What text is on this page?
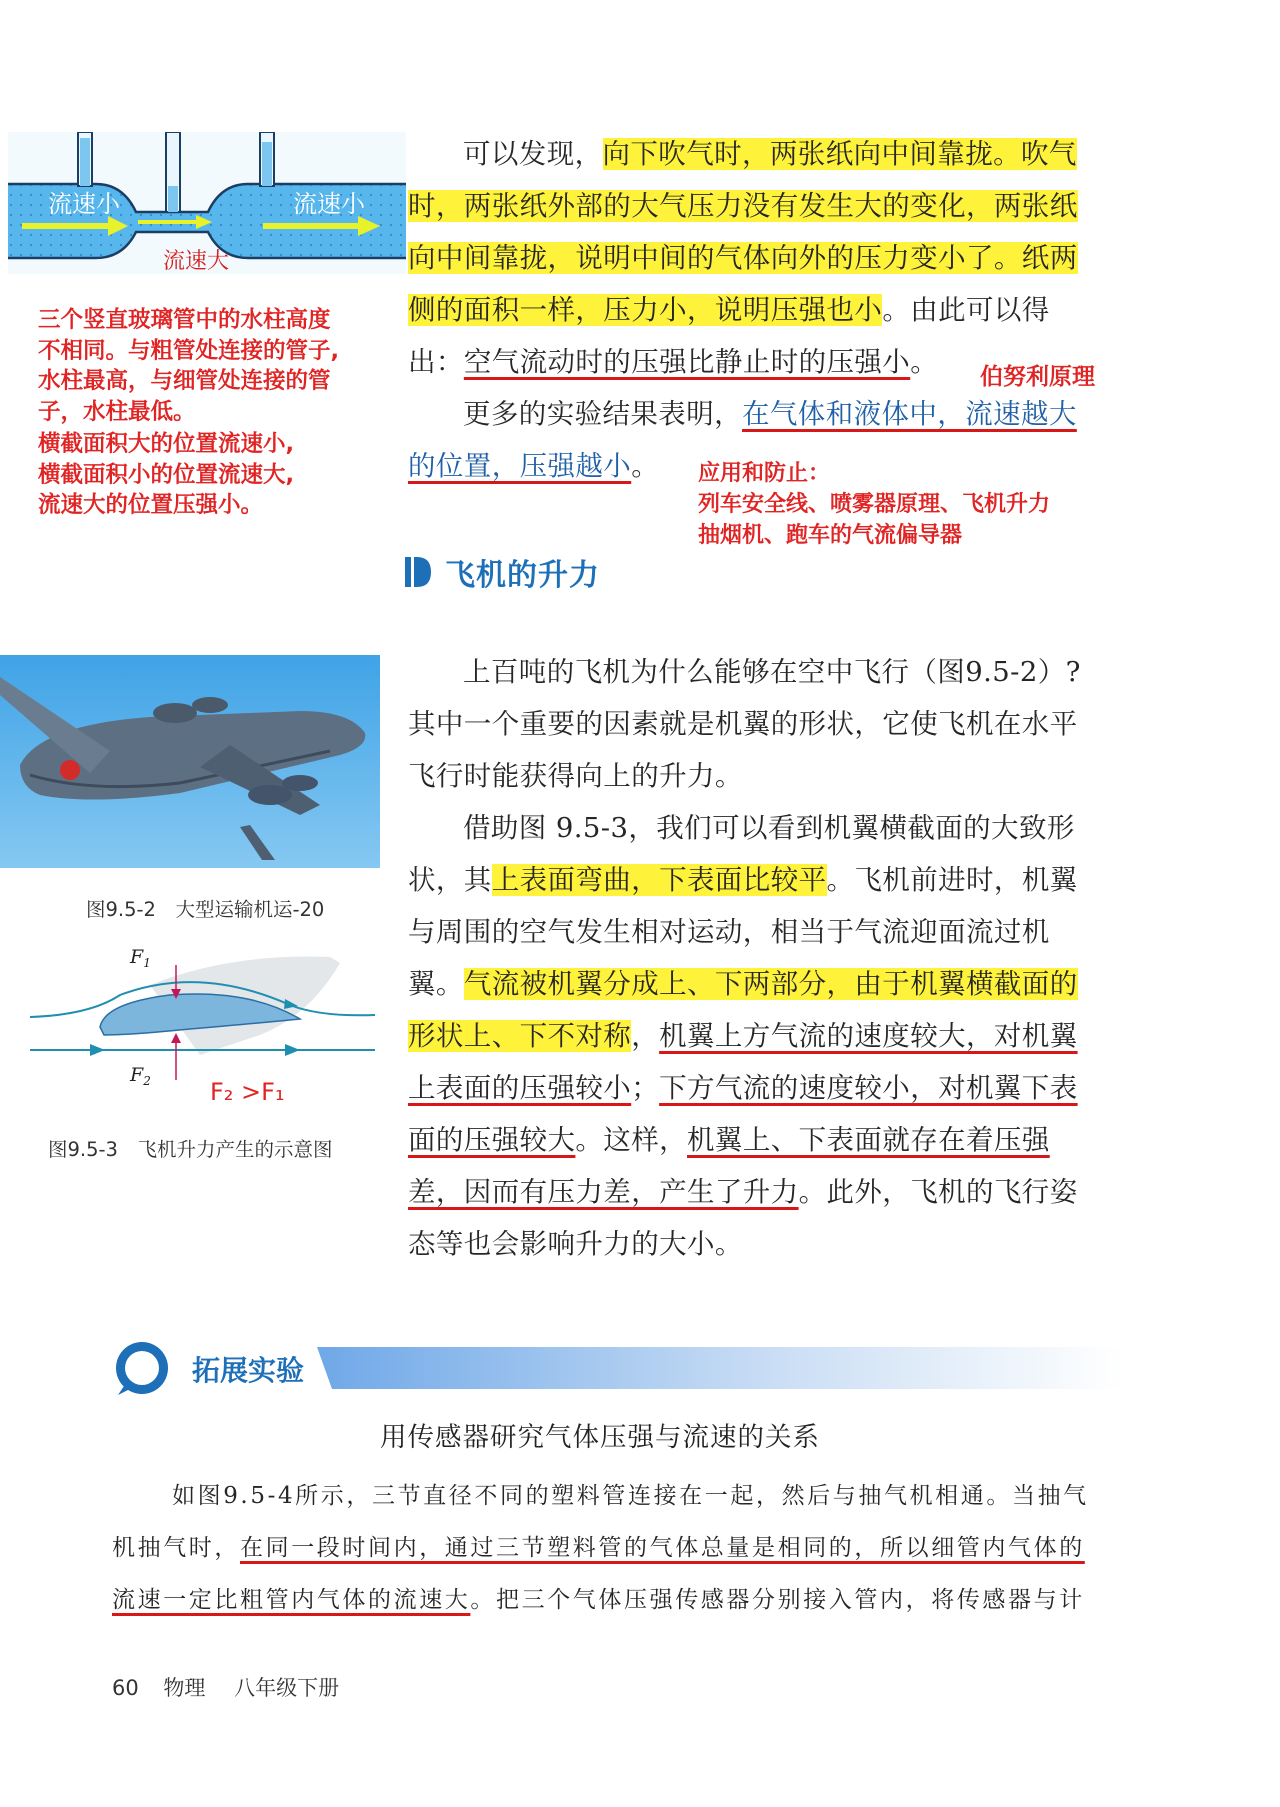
流速小	流速小
流速大

三个竖直玻璃管中的水柱高度

不相同。与粗管处连接的管子,

水柱最高，与细管处连接的管

子，水柱最低。

横截面积大的位置流速小,

横截面积小的位置流速大,

流速大的位置压强小。

可以发现，向下吹气时，两张纸向中间靠拢。吹气

时，两张纸外部的大气压力没有发生大的变化，两张纸

向中间靠拢，说明中间的气体向外的压力变小了。纸两

侧的面积一样，压力小，说明压强也小。由此可以得

出：空气流动时的压强比静止时的压强小。	伯努利原理

更多的实验结果表明，在气体和液体中，流速越大

的位置，压强越小。	应用和防止：

列车安全线、喷雾器原理、飞机升力

抽烟机、跑车的气流偏导器

飞机的升力
图9.5-2　大型运输机运-20
$F_1$
$F_2$ F₂ >F₁
图9.5-3　飞机升力产生的示意图

上百吨的飞机为什么能够在空中飞行（图9.5-2）?

其中一个重要的因素就是机翼的形状，它使飞机在水平

飞行时能获得向上的升力。

借助图 9.5-3，我们可以看到机翼横截面的大致形

状，其上表面弯曲，下表面比较平。飞机前进时，机翼

与周围的空气发生相对运动，相当于气流迎面流过机

翼。气流被机翼分成上、下两部分，由于机翼横截面的

形状上、下不对称，机翼上方气流的速度较大，对机翼

上表面的压强较小；下方气流的速度较小，对机翼下表

面的压强较大。这样，机翼上、下表面就存在着压强

差，因而有压力差，产生了升力。此外，飞机的飞行姿

态等也会影响升力的大小。

拓展实验
用传感器研究气体压强与流速的关系

如图9.5-4所示，三节直径不同的塑料管连接在一起，然后与抽气机相通。当抽气

机抽气时，在同一段时间内，通过三节塑料管的气体总量是相同的，所以细管内气体的

流速一定比粗管内气体的流速大。把三个气体压强传感器分别接入管内，将传感器与计

60 物理 八年级下册
